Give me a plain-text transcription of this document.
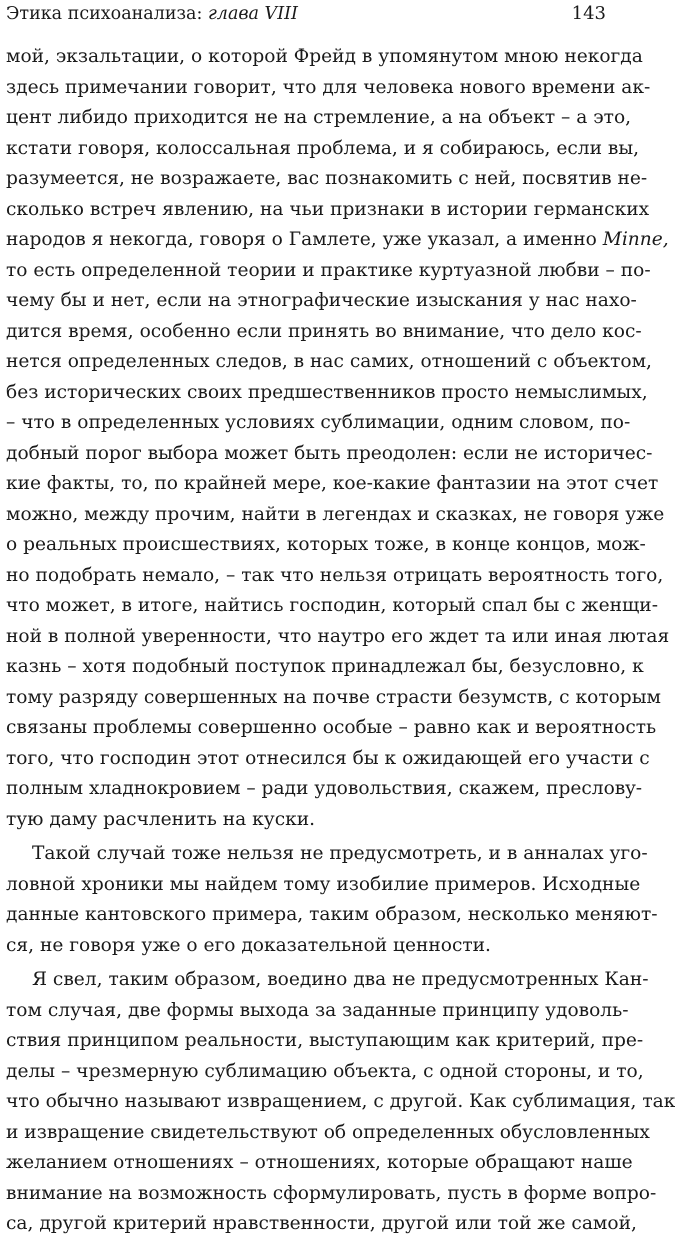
Этика психоанализа: глава VIII	143
мой, экзальтации, о которой Фрейд в упомянутом мною некогда
здесь примечании говорит, что для человека нового времени ак-
цент либидо приходится не на стремление, а на объект – а это,
кстати говоря, колоссальная проблема, и я собираюсь, если вы,
разумеется, не возражаете, вас познакомить с ней, посвятив не-
сколько встреч явлению, на чьи признаки в истории германских
народов я некогда, говоря о Гамлете, уже указал, а именно Minne,
то есть определенной теории и практике куртуазной любви – по-
чему бы и нет, если на этнографические изыскания у нас нахо-
дится время, особенно если принять во внимание, что дело кос-
нется определенных следов, в нас самих, отношений с объектом,
без исторических своих предшественников просто немыслимых,
– что в определенных условиях сублимации, одним словом, по-
добный порог выбора может быть преодолен: если не историчес-
кие факты, то, по крайней мере, кое-какие фантазии на этот счет
можно, между прочим, найти в легендах и сказках, не говоря уже
о реальных происшествиях, которых тоже, в конце концов, мож-
но подобрать немало, – так что нельзя отрицать вероятность того,
что может, в итоге, найтись господин, который спал бы с женщи-
ной в полной уверенности, что наутро его ждет та или иная лютая
казнь – хотя подобный поступок принадлежал бы, безусловно, к
тому разряду совершенных на почве страсти безумств, с которым
связаны проблемы совершенно особые – равно как и вероятность
того, что господин этот отнесился бы к ожидающей его участи с
полным хладнокровием – ради удовольствия, скажем, пресловy-
тую даму расчленить на куски.
Такой случай тоже нельзя не предусмотреть, и в анналах уго-
ловной хроники мы найдем тому изобилие примеров. Исходные
данные кантовского примера, таким образом, несколько меняют-
ся, не говоря уже о его доказательной ценности.
Я свел, таким образом, воедино два не предусмотренных Кан-
том случая, две формы выхода за заданные принципу удоволь-
ствия принципом реальности, выступающим как критерий, пре-
делы – чрезмерную сублимацию объекта, с одной стороны, и то,
что обычно называют извращением, с другой. Как сублимация, так
и извращение свидетельствуют об определенных обусловленных
желанием отношениях – отношениях, которые обращают наше
внимание на возможность сформулировать, пусть в форме вопро-
са, другой критерий нравственности, другой или той же самой,
